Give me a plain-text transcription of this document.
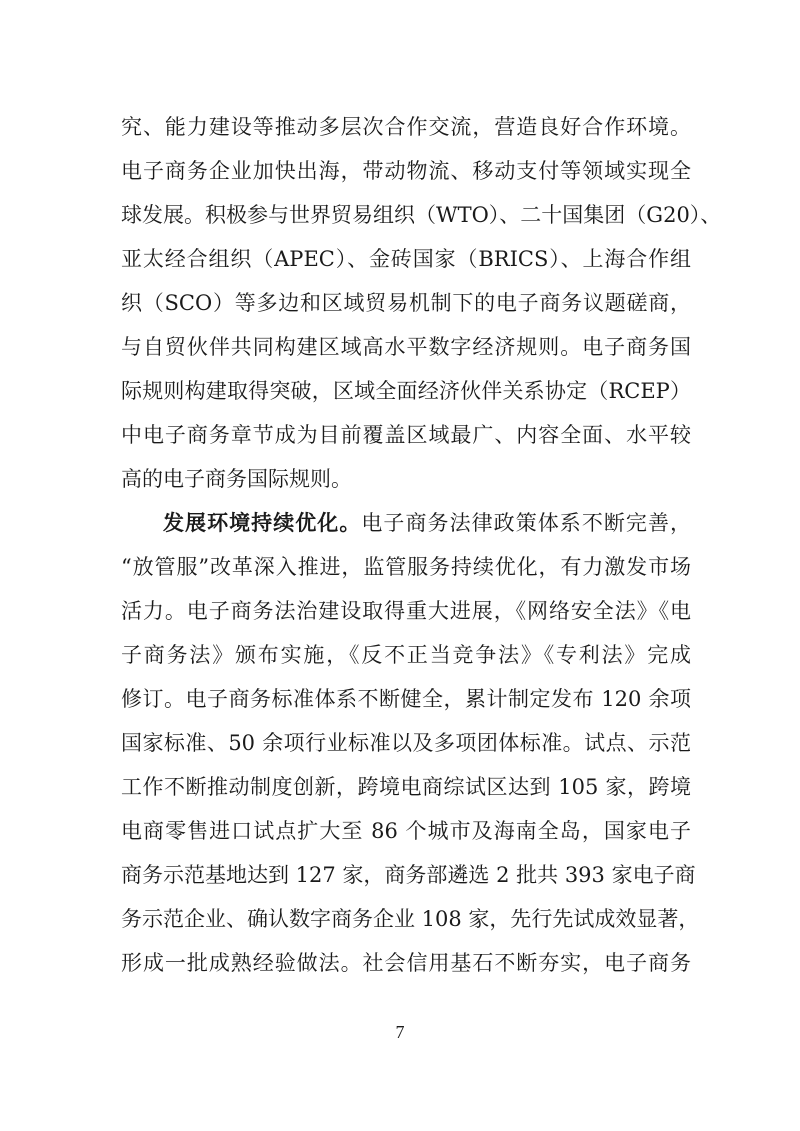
究、能力建设等推动多层次合作交流，营造良好合作环境。
电子商务企业加快出海，带动物流、移动支付等领域实现全
球发展。积极参与世界贸易组织（WTO）、二十国集团（G20）、
亚太经合组织（APEC）、金砖国家（BRICS）、上海合作组
织（SCO）等多边和区域贸易机制下的电子商务议题磋商，
与自贸伙伴共同构建区域高水平数字经济规则。电子商务国
际规则构建取得突破，区域全面经济伙伴关系协定（RCEP）
中电子商务章节成为目前覆盖区域最广、内容全面、水平较
高的电子商务国际规则。
发展环境持续优化。电子商务法律政策体系不断完善，
“放管服”改革深入推进，监管服务持续优化，有力激发市场
活力。电子商务法治建设取得重大进展，《网络安全法》《电
子商务法》颁布实施，《反不正当竞争法》《专利法》完成
修订。电子商务标准体系不断健全，累计制定发布 120 余项
国家标准、50 余项行业标准以及多项团体标准。试点、示范
工作不断推动制度创新，跨境电商综试区达到 105 家，跨境
电商零售进口试点扩大至 86 个城市及海南全岛，国家电子
商务示范基地达到 127 家，商务部遴选 2 批共 393 家电子商
务示范企业、确认数字商务企业 108 家，先行先试成效显著，
形成一批成熟经验做法。社会信用基石不断夯实，电子商务
7
